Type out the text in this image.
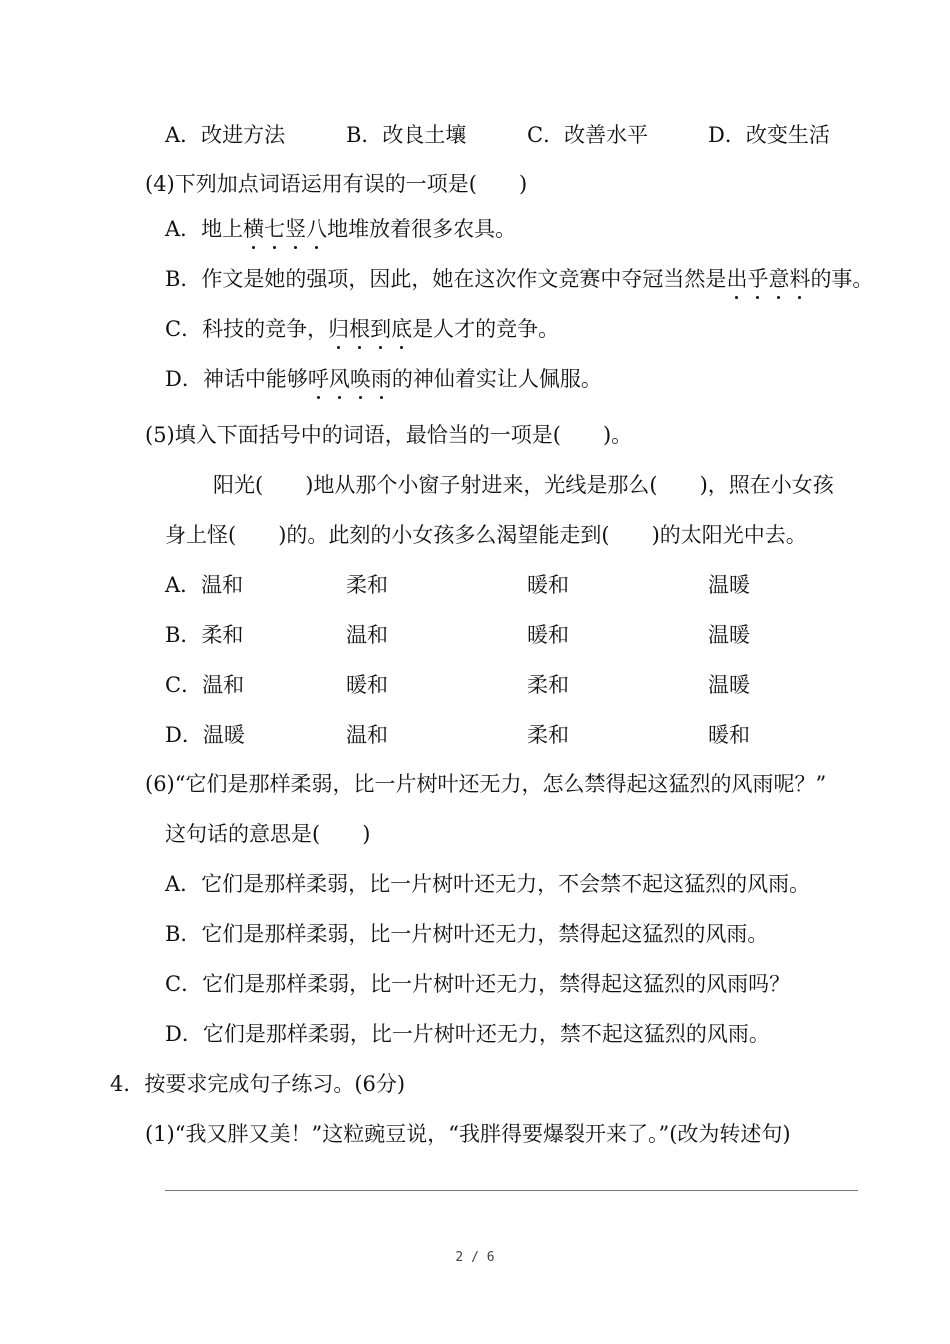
A．改进方法	B．改良土壤	C．改善水平	D．改变生活
(4)下列加点词语运用有误的一项是(　　)
A．地上横七竖八地堆放着很多农具。
B．作文是她的强项，因此，她在这次作文竞赛中夺冠当然是出乎意料的事。
C．科技的竞争，归根到底是人才的竞争。
D．神话中能够呼风唤雨的神仙着实让人佩服。
(5)填入下面括号中的词语，最恰当的一项是(　　)。
阳光(　　)地从那个小窗子射进来，光线是那么(　　)，照在小女孩
身上怪(　　)的。此刻的小女孩多么渴望能走到(　　)的太阳光中去。
A．温和	柔和	暖和	温暖
B．柔和	温和	暖和	温暖
C．温和	暖和	柔和	温暖
D．温暖	温和	柔和	暖和
(6)“它们是那样柔弱，比一片树叶还无力，怎么禁得起这猛烈的风雨呢？”
这句话的意思是(　　)
A．它们是那样柔弱，比一片树叶还无力，不会禁不起这猛烈的风雨。
B．它们是那样柔弱，比一片树叶还无力，禁得起这猛烈的风雨。
C．它们是那样柔弱，比一片树叶还无力，禁得起这猛烈的风雨吗？
D．它们是那样柔弱，比一片树叶还无力，禁不起这猛烈的风雨。
4．按要求完成句子练习。(6分)
(1)“我又胖又美！”这粒豌豆说，“我胖得要爆裂开来了。”(改为转述句)
2 / 6
